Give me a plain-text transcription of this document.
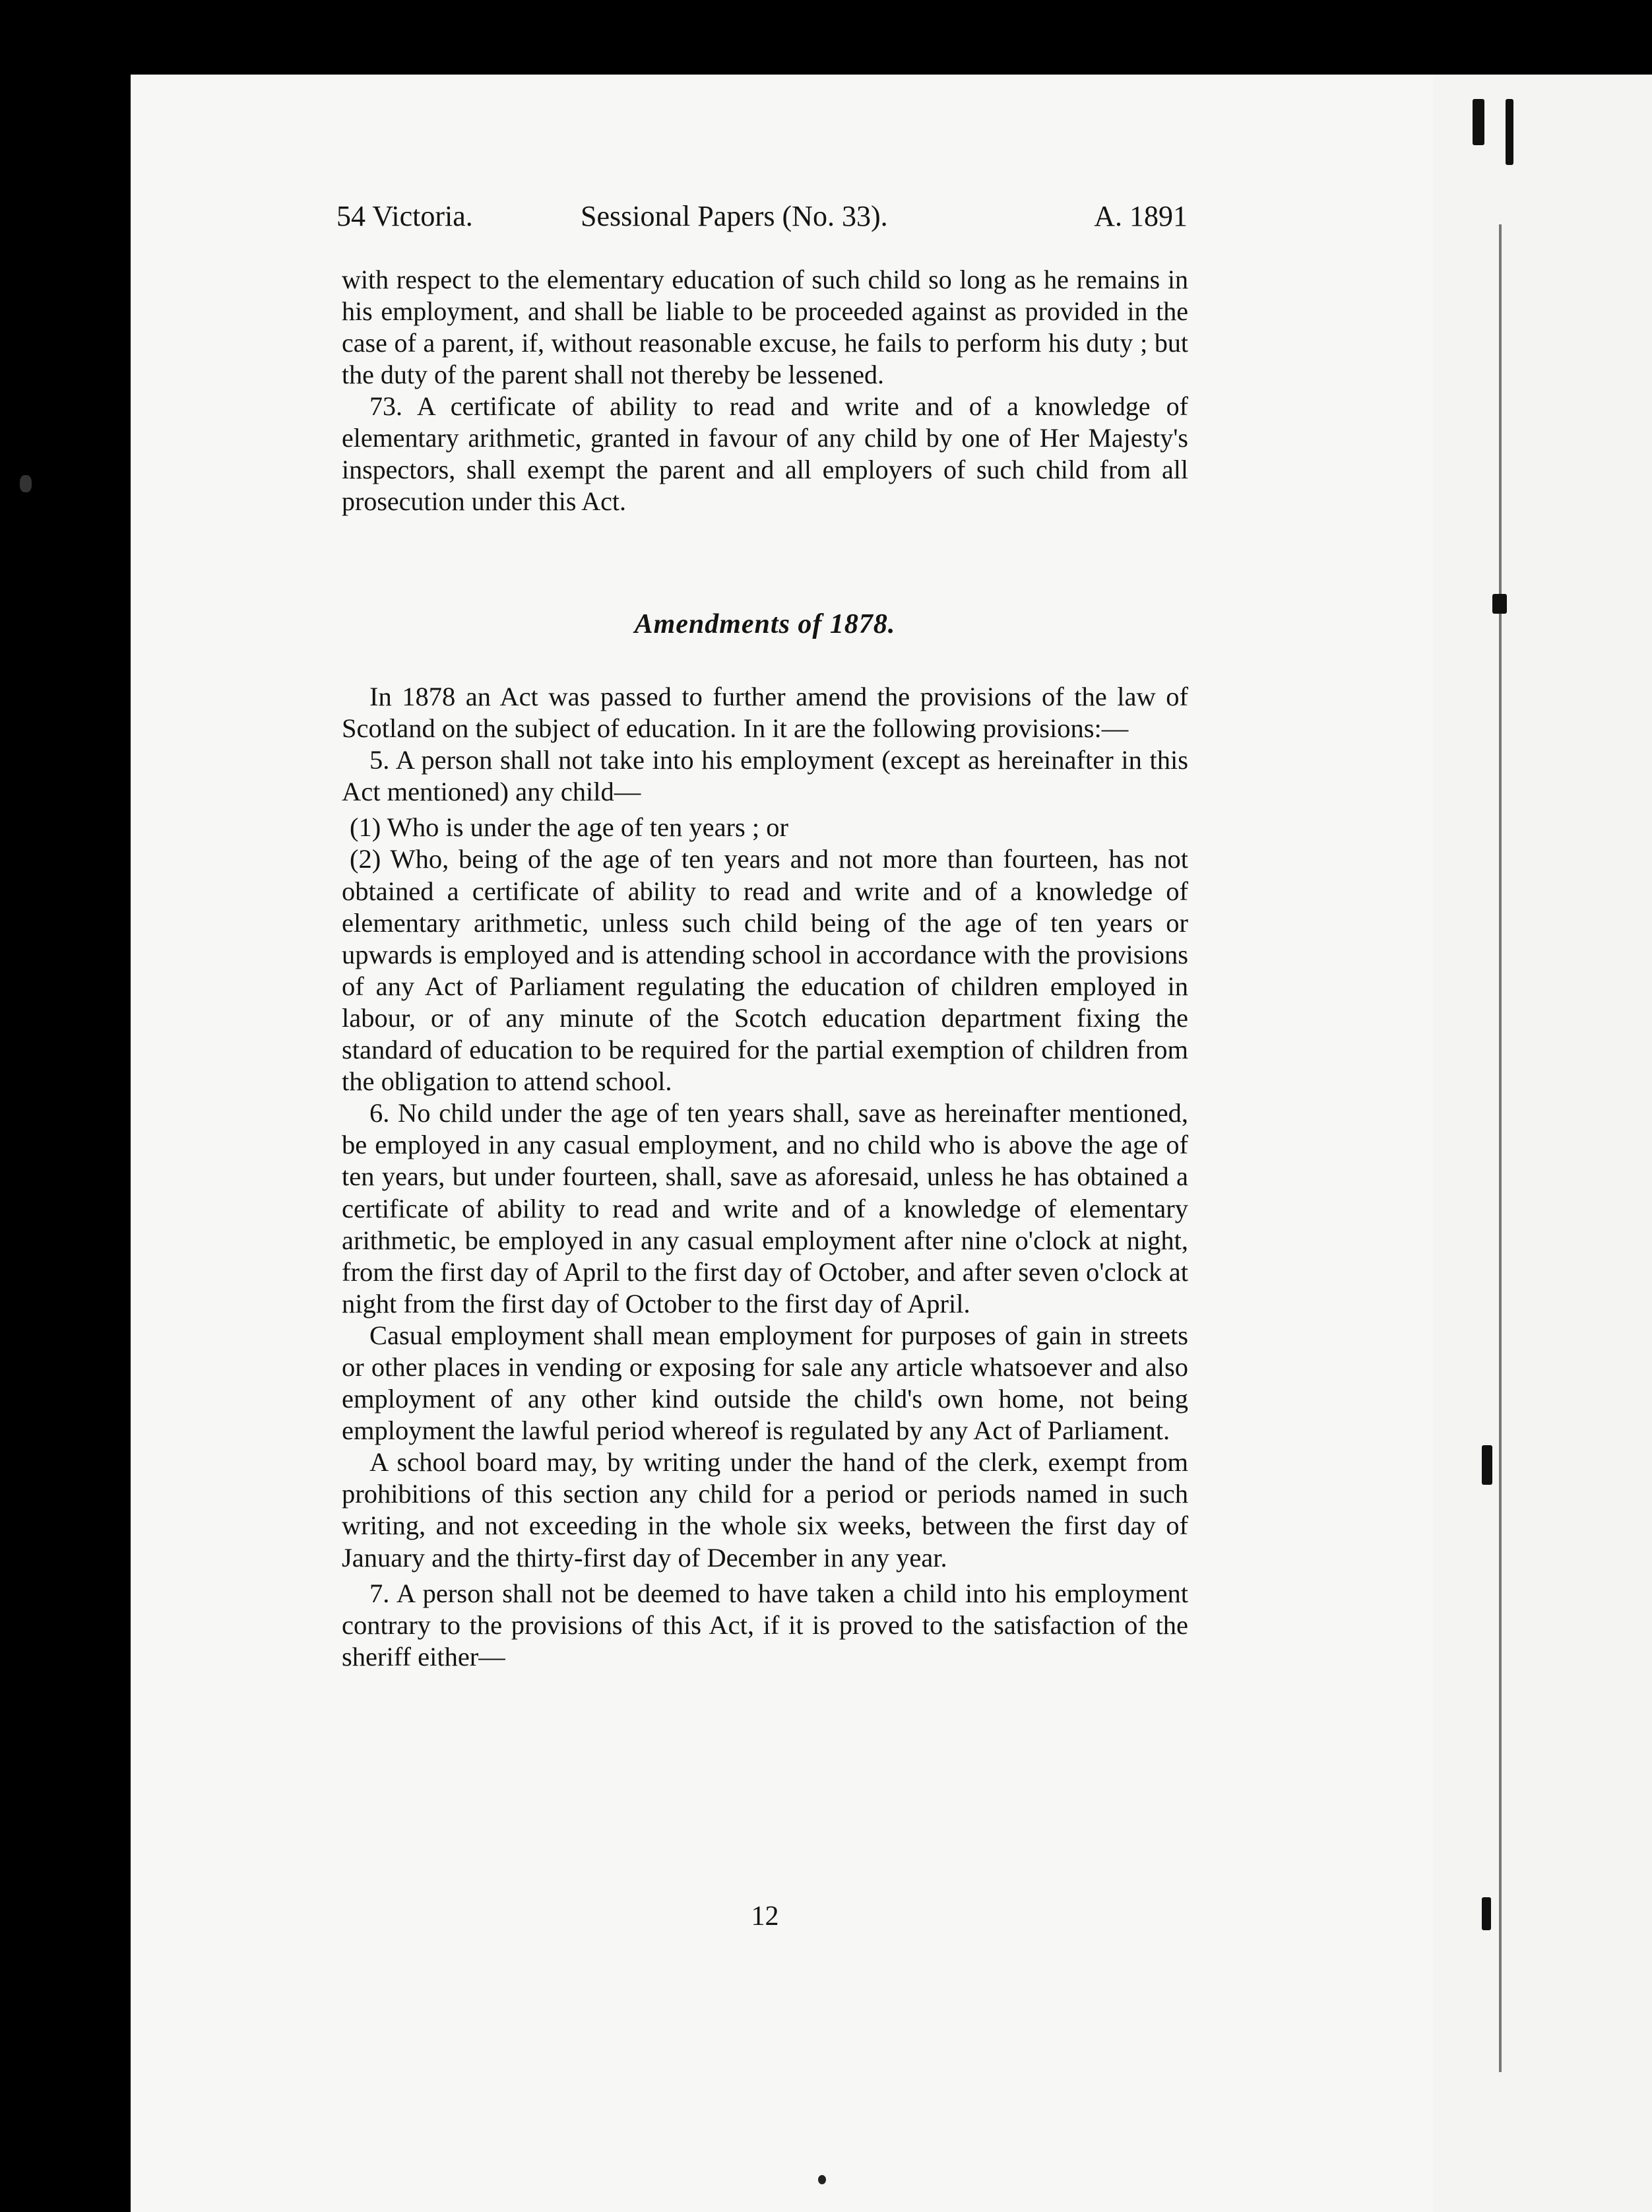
54 Victoria.	Sessional Papers (No. 33).	A. 1891

with respect to the elementary education of such child so long as he remains in his employment, and shall be liable to be proceeded against as provided in the case of a parent, if, without reasonable excuse, he fails to perform his duty ; but the duty of the parent shall not thereby be lessened.

73. A certificate of ability to read and write and of a knowledge of elementary arithmetic, granted in favour of any child by one of Her Majesty's inspectors, shall exempt the parent and all employers of such child from all prosecution under this Act.

Amendments of 1878.

In 1878 an Act was passed to further amend the provisions of the law of Scotland on the subject of education. In it are the following provisions:—

5. A person shall not take into his employment (except as hereinafter in this Act mentioned) any child—

(1) Who is under the age of ten years ; or

(2) Who, being of the age of ten years and not more than fourteen, has not obtained a certificate of ability to read and write and of a knowledge of elementary arithmetic, unless such child being of the age of ten years or upwards is employed and is attending school in accordance with the provisions of any Act of Parliament regulating the education of children employed in labour, or of any minute of the Scotch education department fixing the standard of education to be required for the partial exemption of children from the obligation to attend school.

6. No child under the age of ten years shall, save as hereinafter mentioned, be employed in any casual employment, and no child who is above the age of ten years, but under fourteen, shall, save as aforesaid, unless he has obtained a certificate of ability to read and write and of a knowledge of elementary arithmetic, be employed in any casual employment after nine o'clock at night, from the first day of April to the first day of October, and after seven o'clock at night from the first day of October to the first day of April.

Casual employment shall mean employment for purposes of gain in streets or other places in vending or exposing for sale any article whatsoever and also employment of any other kind outside the child's own home, not being employment the lawful period whereof is regulated by any Act of Parliament.

A school board may, by writing under the hand of the clerk, exempt from prohibitions of this section any child for a period or periods named in such writing, and not exceeding in the whole six weeks, between the first day of January and the thirty-first day of December in any year.

7. A person shall not be deemed to have taken a child into his employment contrary to the provisions of this Act, if it is proved to the satisfaction of the sheriff either—

12
